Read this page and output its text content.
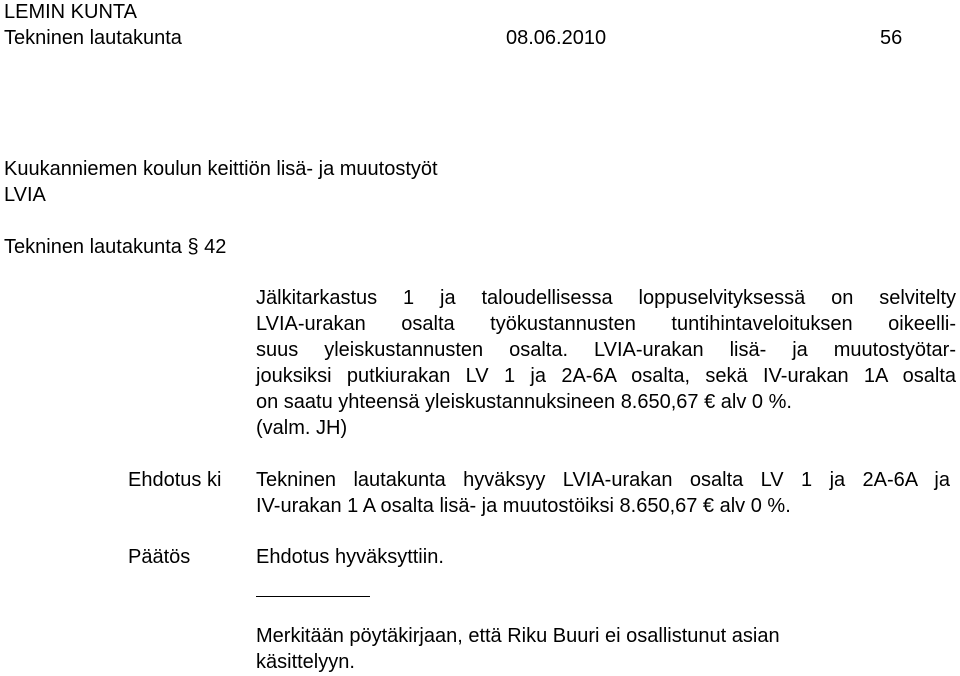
LEMIN KUNTA
Tekninen lautakunta	08.06.2010	56
Kuukanniemen koulun keittiön lisä- ja muutostyöt
LVIA
Tekninen lautakunta § 42
Jälkitarkastus 1 ja taloudellisessa loppuselvityksessä on selvitelty
LVIA-urakan osalta työkustannusten tuntihintaveloituksen oikeelli-
suus yleiskustannusten osalta. LVIA-urakan lisä- ja muutostyötar-
jouksiksi putkiurakan LV 1 ja 2A-6A osalta, sekä IV-urakan 1A osalta
on saatu yhteensä yleiskustannuksineen 8.650,67 € alv 0 %.
(valm. JH)
Ehdotus ki Tekninen lautakunta hyväksyy LVIA-urakan osalta LV 1 ja 2A-6A ja
IV-urakan 1 A osalta lisä- ja muutostöiksi 8.650,67 € alv 0 %.
Päätös	Ehdotus hyväksyttiin.
Merkitään pöytäkirjaan, että Riku Buuri ei osallistunut asian
käsittelyyn.
